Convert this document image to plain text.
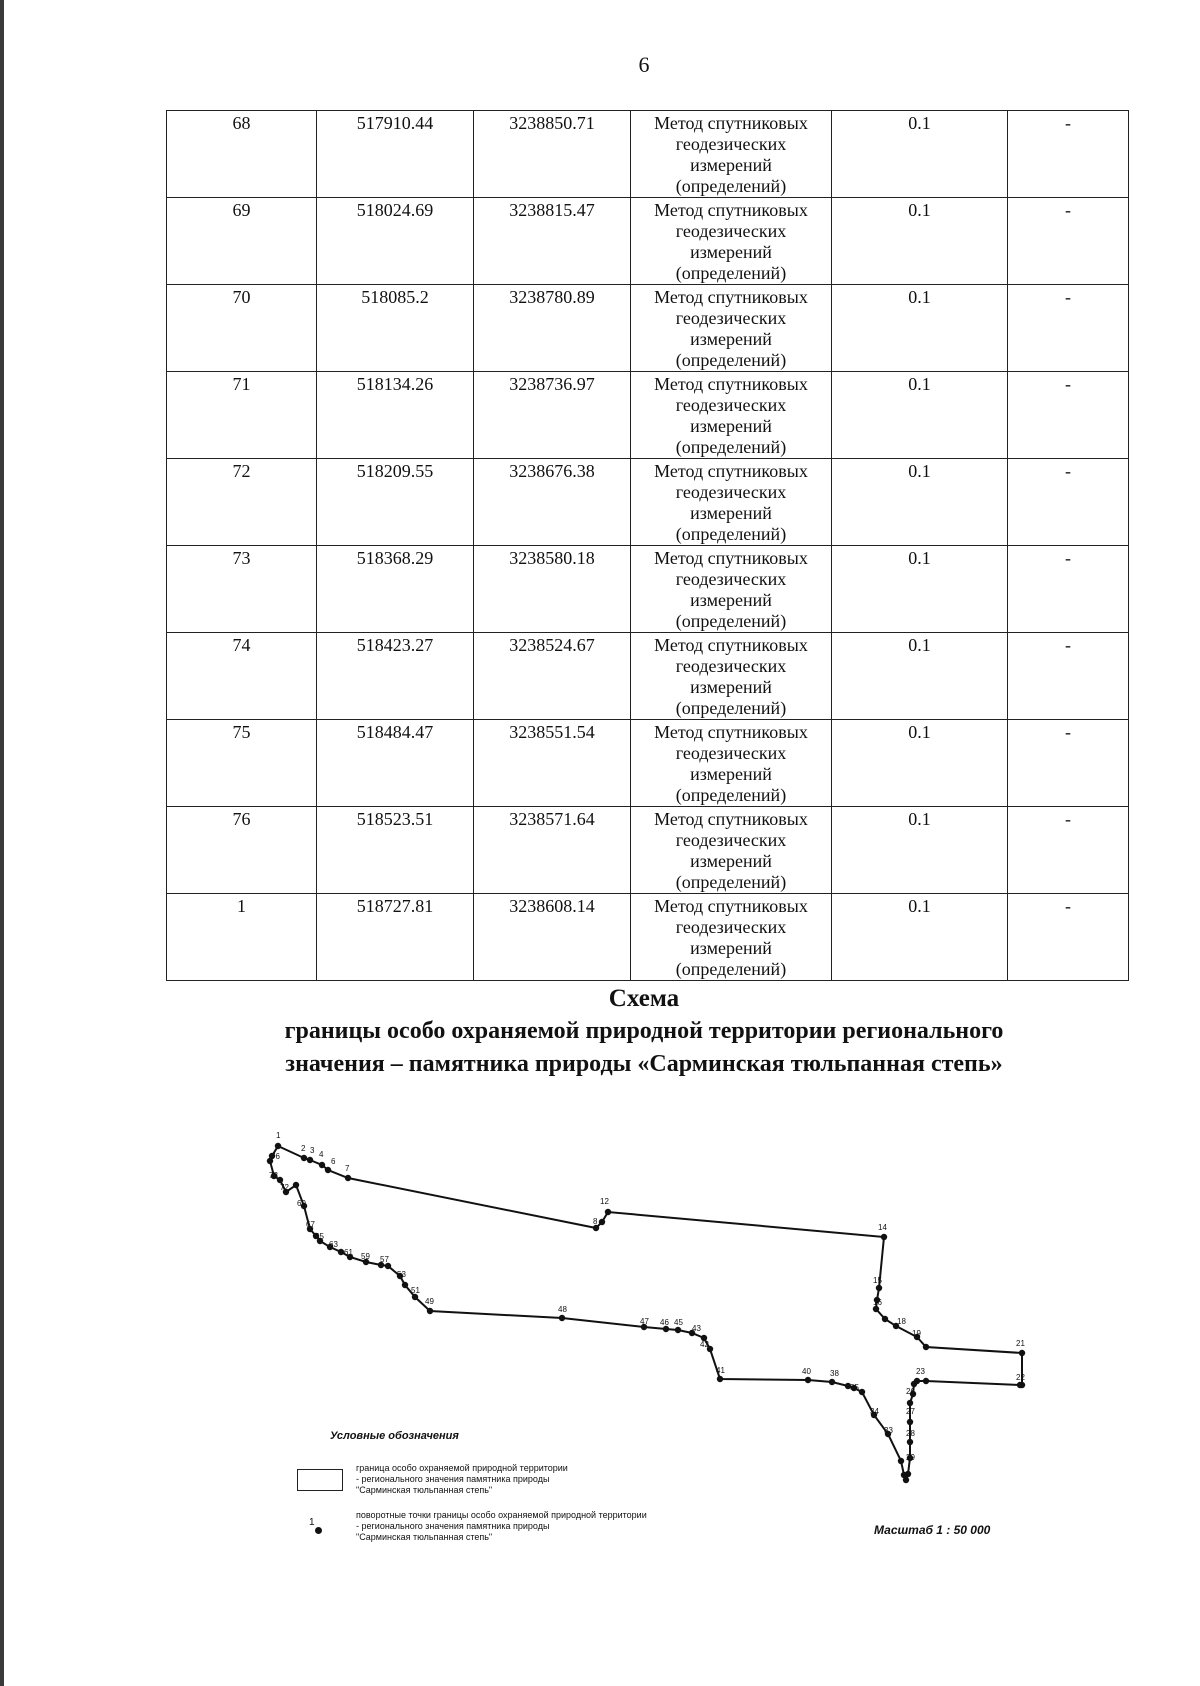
6
68	517910.44	3238850.71	Метод спутниковых
геодезических
измерений
(определений)	0.1	-
69	518024.69	3238815.47	Метод спутниковых
геодезических
измерений
(определений)	0.1	-
70	518085.2	3238780.89	Метод спутниковых
геодезических
измерений
(определений)	0.1	-
71	518134.26	3238736.97	Метод спутниковых
геодезических
измерений
(определений)	0.1	-
72	518209.55	3238676.38	Метод спутниковых
геодезических
измерений
(определений)	0.1	-
73	518368.29	3238580.18	Метод спутниковых
геодезических
измерений
(определений)	0.1	-
74	518423.27	3238524.67	Метод спутниковых
геодезических
измерений
(определений)	0.1	-
75	518484.47	3238551.54	Метод спутниковых
геодезических
измерений
(определений)	0.1	-
76	518523.51	3238571.64	Метод спутниковых
геодезических
измерений
(определений)	0.1	-
1	518727.81	3238608.14	Метод спутниковых
геодезических
измерений
(определений)	0.1	-
Схема
границы особо охраняемой природной территории регионального
значения – памятника природы «Сарминская тюльпанная степь»
1
2 3 4
6
7
8
12
14
15
16
18
19
21
22
23
26
27
28
29
33
34
35
38
40
41
42
43
45
46
47
48
49
51
53
57
59
61
63
65
67
69
72
73
76
Условные обозначения
граница особо охраняемой природной территории
- регионального значения памятника природы
"Сарминская тюльпанная степь"
1
поворотные точки границы особо охраняемой природной территории
- регионального значения памятника природы
"Сарминская тюльпанная степь"	Масштаб 1 : 50 000
